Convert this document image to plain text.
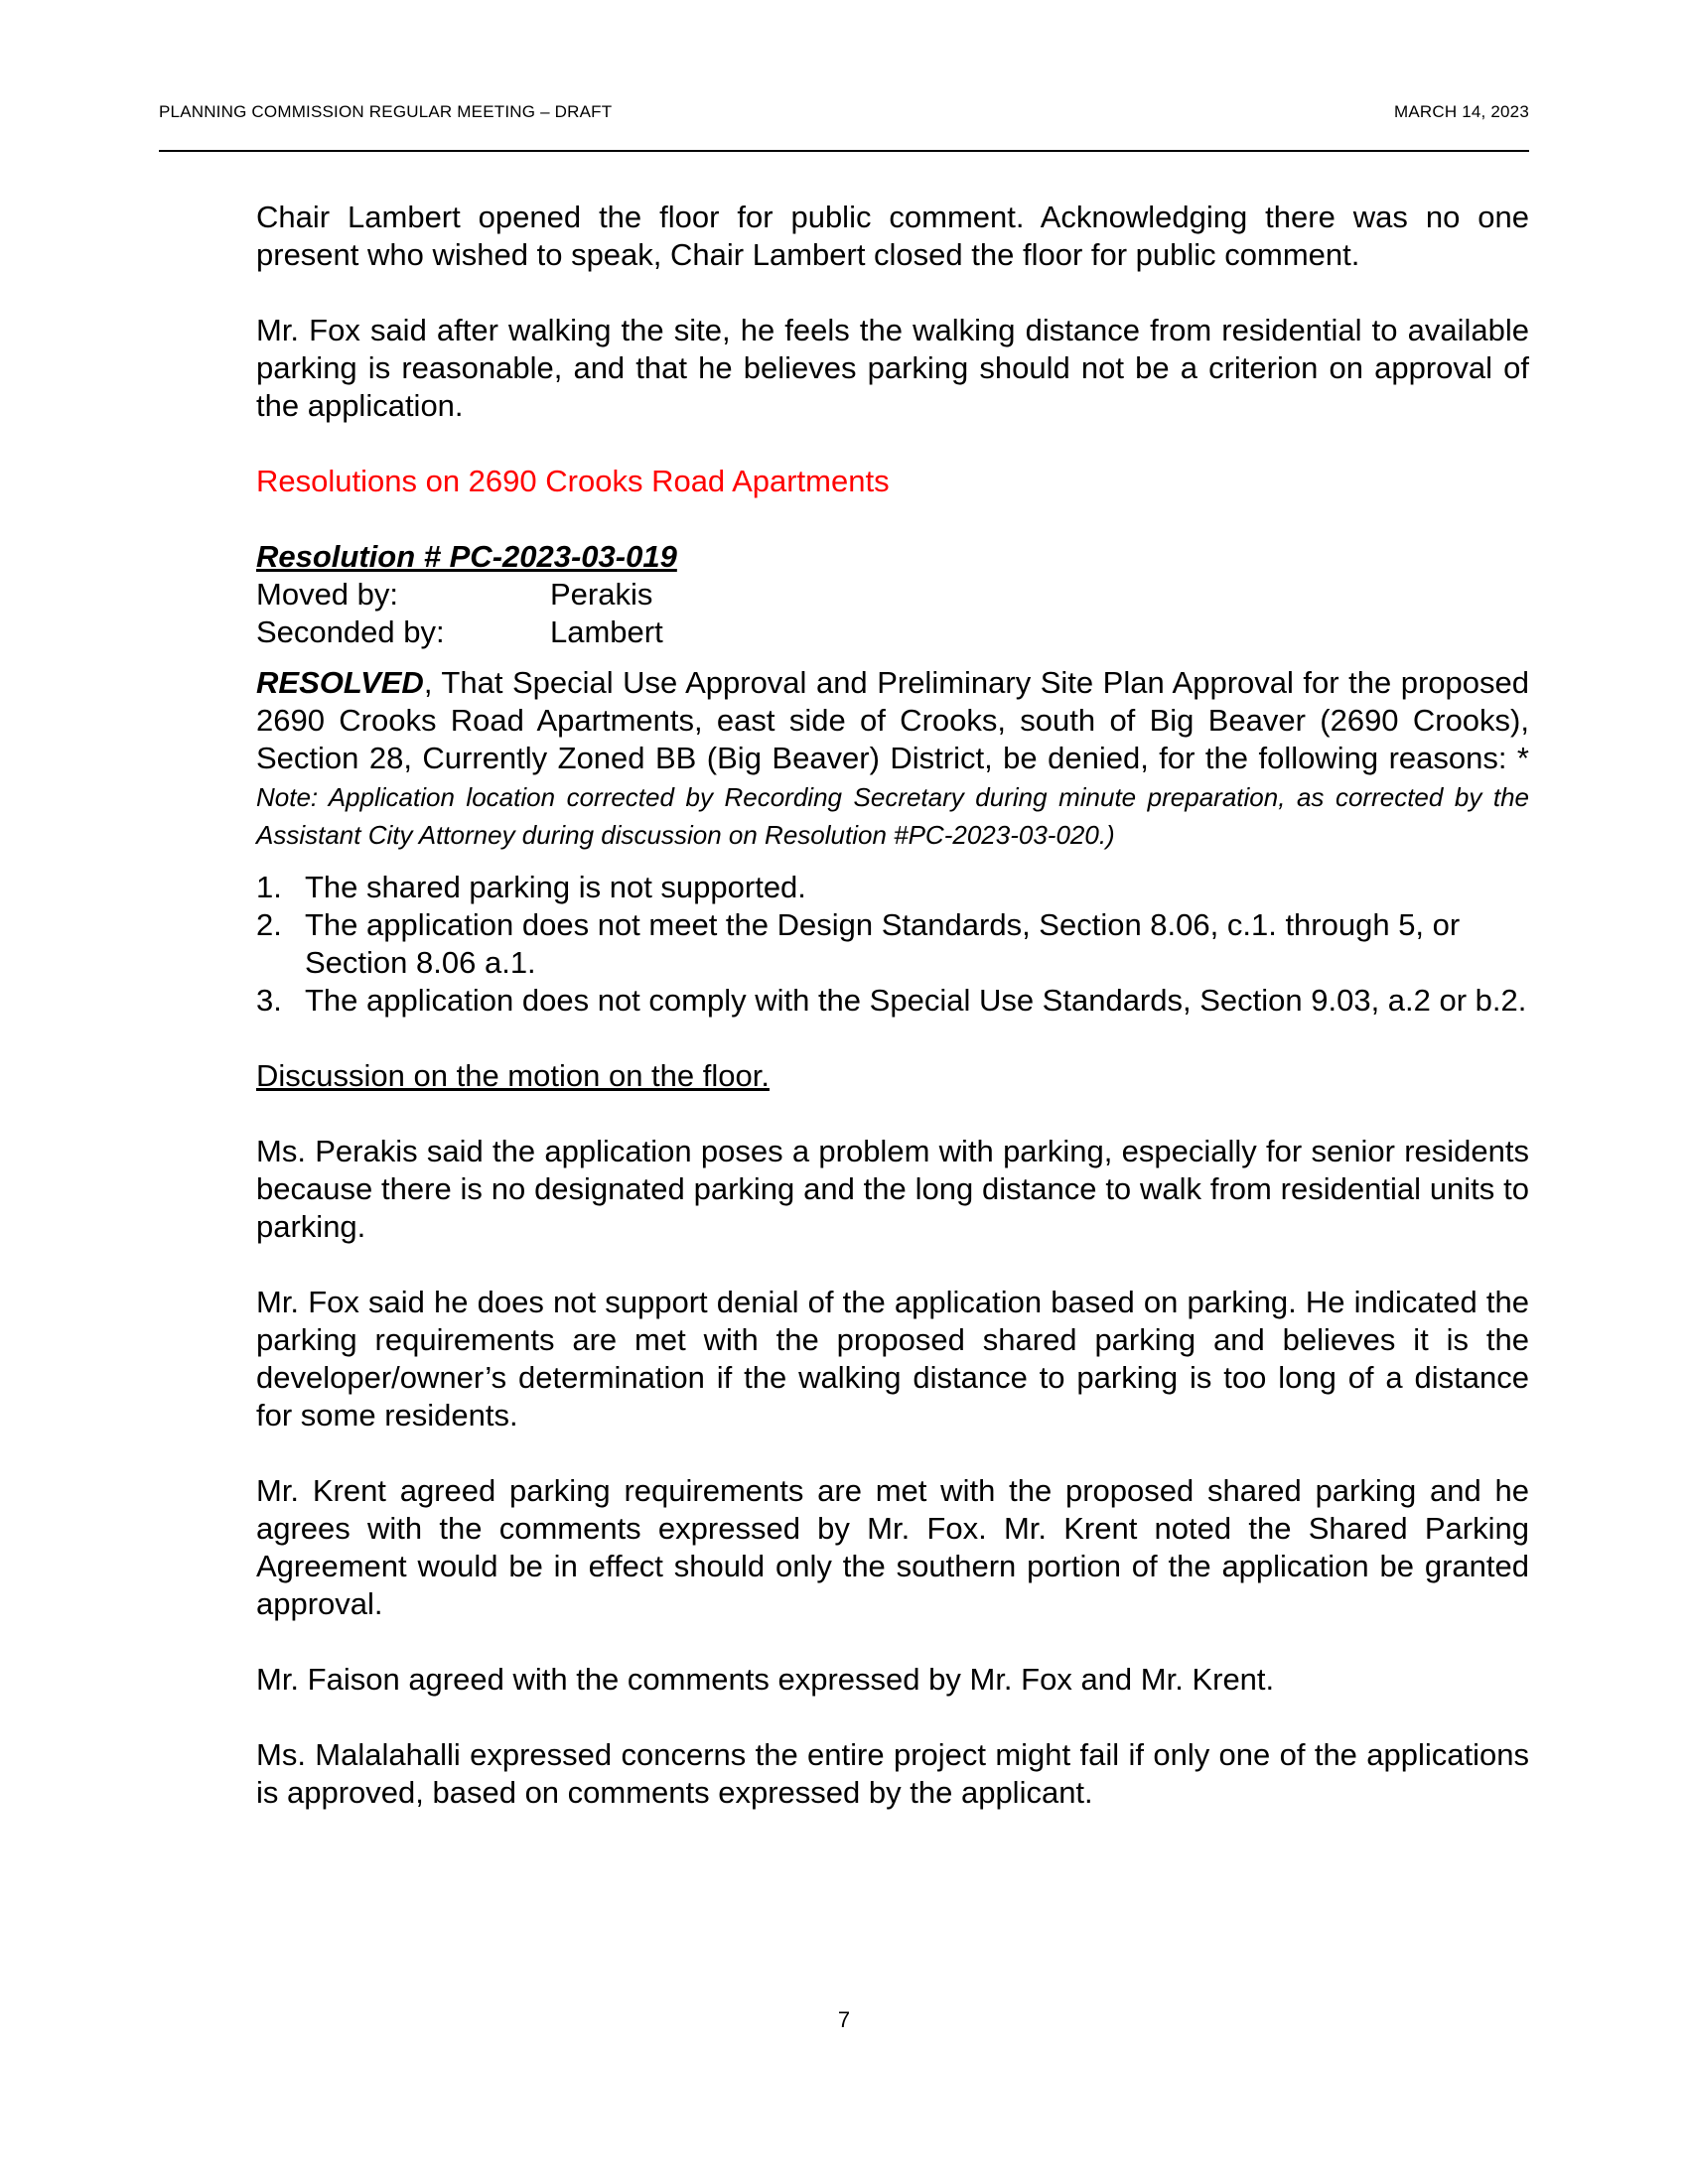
PLANNING COMMISSION REGULAR MEETING – DRAFT	MARCH 14, 2023

Chair Lambert opened the floor for public comment. Acknowledging there was no one present who wished to speak, Chair Lambert closed the floor for public comment.

Mr. Fox said after walking the site, he feels the walking distance from residential to available parking is reasonable, and that he believes parking should not be a criterion on approval of the application.

Resolutions on 2690 Crooks Road Apartments

Resolution # PC-2023-03-019

Moved by:	Perakis
Seconded by:	Lambert

RESOLVED, That Special Use Approval and Preliminary Site Plan Approval for the proposed 2690 Crooks Road Apartments, east side of Crooks, south of Big Beaver (2690 Crooks), Section 28, Currently Zoned BB (Big Beaver) District, be denied, for the following reasons: * Note: Application location corrected by Recording Secretary during minute preparation, as corrected by the Assistant City Attorney during discussion on Resolution #PC-2023-03-020.)

1. The shared parking is not supported.
2. The application does not meet the Design Standards, Section 8.06, c.1. through 5, or Section 8.06 a.1.
3. The application does not comply with the Special Use Standards, Section 9.03, a.2 or b.2.

Discussion on the motion on the floor.

Ms. Perakis said the application poses a problem with parking, especially for senior residents because there is no designated parking and the long distance to walk from residential units to parking.

Mr. Fox said he does not support denial of the application based on parking. He indicated the parking requirements are met with the proposed shared parking and believes it is the developer/owner’s determination if the walking distance to parking is too long of a distance for some residents.

Mr. Krent agreed parking requirements are met with the proposed shared parking and he agrees with the comments expressed by Mr. Fox. Mr. Krent noted the Shared Parking Agreement would be in effect should only the southern portion of the application be granted approval.

Mr. Faison agreed with the comments expressed by Mr. Fox and Mr. Krent.

Ms. Malalahalli expressed concerns the entire project might fail if only one of the applications is approved, based on comments expressed by the applicant.

7
